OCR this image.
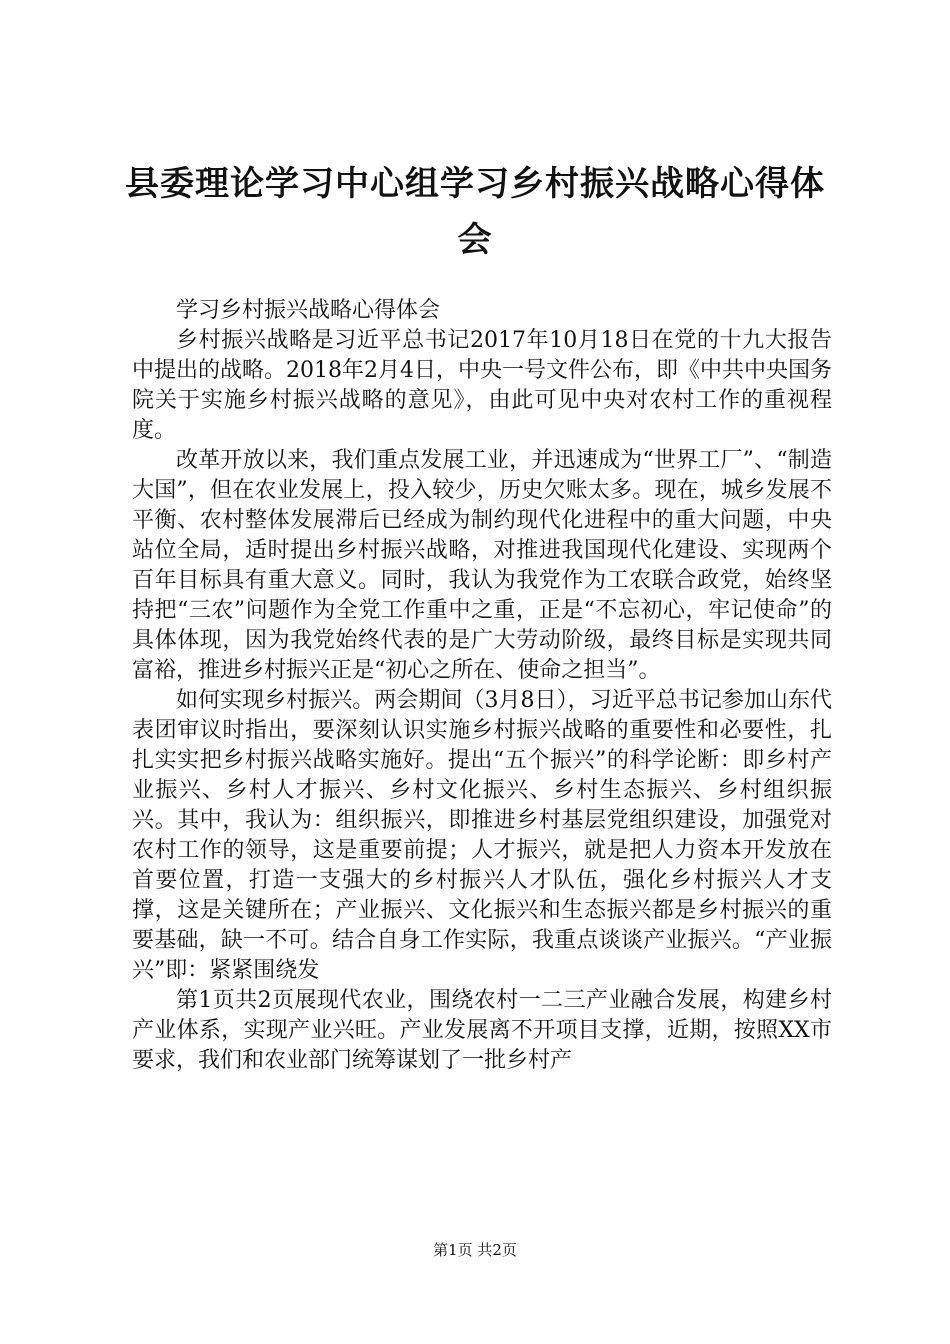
县委理论学习中心组学习乡村振兴战略心得体会

学习乡村振兴战略心得体会

乡村振兴战略是习近平总书记2017年10月18日在党的十九大报告中提出的战略。2018年2月4日，中央一号文件公布，即《中共中央国务院关于实施乡村振兴战略的意见》，由此可见中央对农村工作的重视程度。

改革开放以来，我们重点发展工业，并迅速成为“世界工厂”、“制造大国”，但在农业发展上，投入较少，历史欠账太多。现在，城乡发展不平衡、农村整体发展滞后已经成为制约现代化进程中的重大问题，中央站位全局，适时提出乡村振兴战略，对推进我国现代化建设、实现两个百年目标具有重大意义。同时，我认为我党作为工农联合政党，始终坚持把“三农”问题作为全党工作重中之重，正是“不忘初心，牢记使命”的具体体现，因为我党始终代表的是广大劳动阶级，最终目标是实现共同富裕，推进乡村振兴正是“初心之所在、使命之担当”。

如何实现乡村振兴。两会期间（3月8日），习近平总书记参加山东代表团审议时指出，要深刻认识实施乡村振兴战略的重要性和必要性，扎扎实实把乡村振兴战略实施好。提出“五个振兴”的科学论断：即乡村产业振兴、乡村人才振兴、乡村文化振兴、乡村生态振兴、乡村组织振兴。其中，我认为：组织振兴，即推进乡村基层党组织建设，加强党对农村工作的领导，这是重要前提；人才振兴，就是把人力资本开发放在首要位置，打造一支强大的乡村振兴人才队伍，强化乡村振兴人才支撑，这是关键所在；产业振兴、文化振兴和生态振兴都是乡村振兴的重要基础，缺一不可。结合自身工作实际，我重点谈谈产业振兴。“产业振兴”即：紧紧围绕发

第1页共2页展现代农业，围绕农村一二三产业融合发展，构建乡村产业体系，实现产业兴旺。产业发展离不开项目支撑，近期，按照XX市要求，我们和农业部门统筹谋划了一批乡村产

第1页 共2页
